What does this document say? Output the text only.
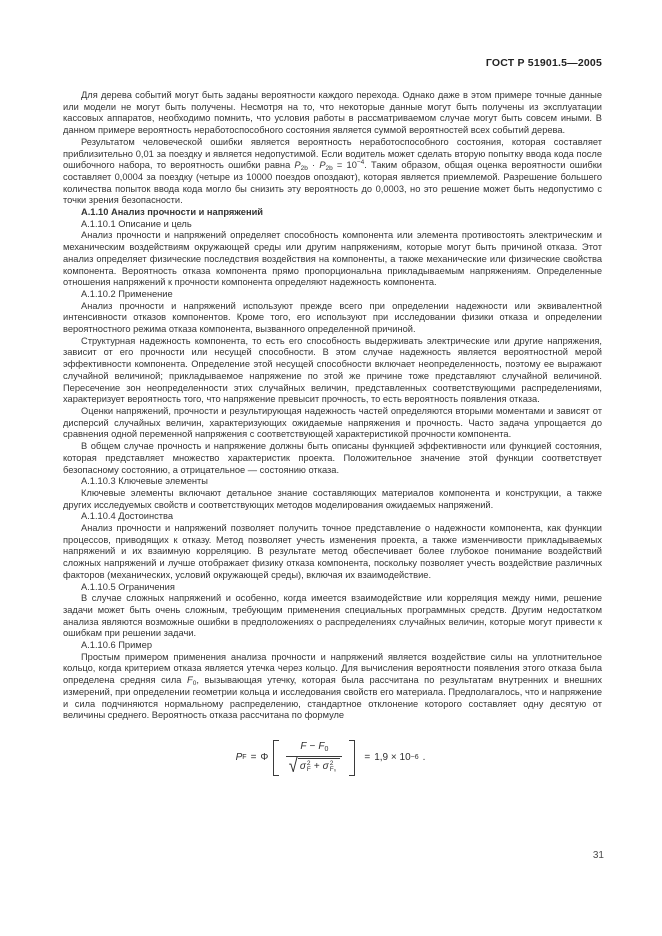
ГОСТ Р 51901.5—2005

Для дерева событий могут быть заданы вероятности каждого перехода. Однако даже в этом примере точные данные или модели не могут быть получены. Несмотря на то, что некоторые данные могут быть получены из эксплуатации кассовых аппаратов, необходимо помнить, что условия работы в рассматриваемом случае могут быть совсем иными. В данном примере вероятность неработоспособного состояния является суммой вероятностей всех событий дерева.

Результатом человеческой ошибки является вероятность неработоспособного состояния, которая составляет приблизительно 0,01 за поездку и является недопустимой. Если водитель может сделать вторую попытку ввода кода после ошибочного набора, то вероятность ошибки равна $P_{2b} \cdot P_{2b} = 10^{-4}$. Таким образом, общая оценка вероятности ошибки составляет 0,0004 за поездку (четыре из 10000 поездов опоздают), которая является приемлемой. Разрешение большего количества попыток ввода кода могло бы снизить эту вероятность до 0,0003, но это решение может быть недопустимо с точки зрения безопасности.

А.1.10 Анализ прочности и напряжений

А.1.10.1 Описание и цель

Анализ прочности и напряжений определяет способность компонента или элемента противостоять электрическим и механическим воздействиям окружающей среды или другим напряжениям, которые могут быть причиной отказа. Этот анализ определяет физические последствия воздействия на компоненты, а также механические или физические свойства компонента. Вероятность отказа компонента прямо пропорциональна прикладываемым напряжениям. Определенные отношения напряжений к прочности компонента определяют надежность компонента.

А.1.10.2 Применение

Анализ прочности и напряжений используют прежде всего при определении надежности или эквивалентной интенсивности отказов компонентов. Кроме того, его используют при исследовании физики отказа и определении вероятностного режима отказа компонента, вызванного определенной причиной.

Структурная надежность компонента, то есть его способность выдерживать электрические или другие напряжения, зависит от его прочности или несущей способности. В этом случае надежность является вероятностной мерой эффективности компонента. Определение этой несущей способности включает неопределенность, поэтому ее выражают случайной величиной; прикладываемое напряжение по этой же причине тоже представляют случайной величиной. Пересечение зон неопределенности этих случайных величин, представленных соответствующими распределениями, характеризует вероятность того, что напряжение превысит прочность, то есть вероятность появления отказа.

Оценки напряжений, прочности и результирующая надежность частей определяются вторыми моментами и зависят от дисперсий случайных величин, характеризующих ожидаемые напряжения и прочность. Часто задача упрощается до сравнения одной переменной напряжения с соответствующей характеристикой прочности компонента.

В общем случае прочность и напряжение должны быть описаны функцией эффективности или функцией состояния, которая представляет множество характеристик проекта. Положительное значение этой функции соответствует безопасному состоянию, а отрицательное — состоянию отказа.

А.1.10.3 Ключевые элементы

Ключевые элементы включают детальное знание составляющих материалов компонента и конструкции, а также других исследуемых свойств и соответствующих методов моделирования ожидаемых напряжений.

А.1.10.4 Достоинства

Анализ прочности и напряжений позволяет получить точное представление о надежности компонента, как функции процессов, приводящих к отказу. Метод позволяет учесть изменения проекта, а также изменчивости прикладываемых напряжений и их взаимную корреляцию. В результате метод обеспечивает более глубокое понимание воздействий сложных напряжений и лучше отображает физику отказа компонента, поскольку позволяет учесть воздействие различных факторов (механических, условий окружающей среды), включая их взаимодействие.

А.1.10.5 Ограничения

В случае сложных напряжений и особенно, когда имеется взаимодействие или корреляция между ними, решение задачи может быть очень сложным, требующим применения специальных программных средств. Другим недостатком анализа являются возможные ошибки в предположениях о распределениях случайных величин, которые могут привести к ошибкам при решении задачи.

А.1.10.6 Пример

Простым примером применения анализа прочности и напряжений является воздействие силы на уплотнительное кольцо, когда критерием отказа является утечка через кольцо. Для вычисления вероятности появления этого отказа была определена средняя сила $F_0$, вызывающая утечку, которая была рассчитана по результатам внутренних и внешних измерений, при определении геометрии кольца и исследования свойств его материала. Предполагалось, что и напряжение и сила подчиняются нормальному распределению, стандартное отклонение которого составляет одну десятую от величины среднего. Вероятность отказа рассчитана по формуле

P F = Φ $F - F_0$
√ σ 2
F + σ 2
F₀ = 1,9 × 10 −6 .
31
